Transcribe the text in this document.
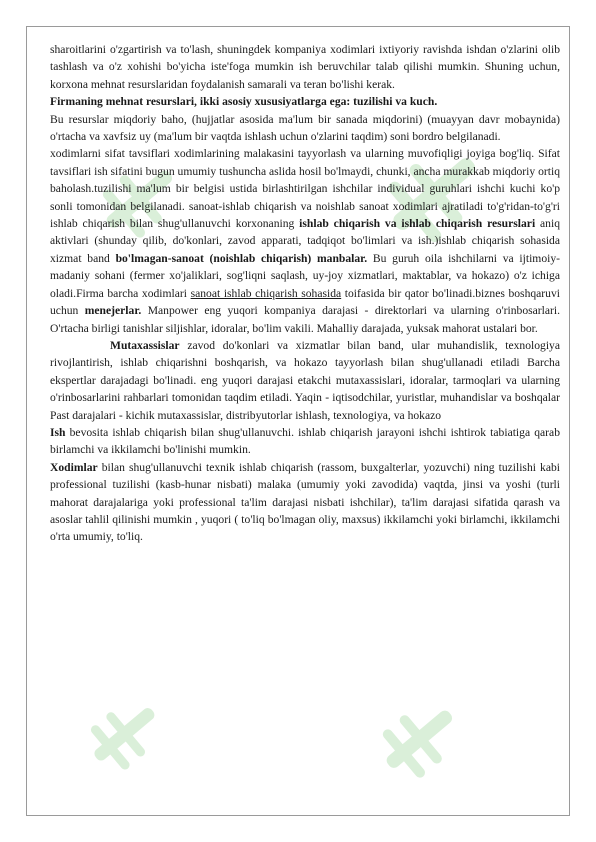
sharoitlarini o'zgartirish va to'lash, shuningdek kompaniya xodimlari ixtiyoriy ravishda ishdan o'zlarini olib tashlash va o'z xohishi bo'yicha iste'foga mumkin ish beruvchilar talab qilishi mumkin. Shuning uchun, korxona mehnat resurslaridan foydalanish samarali va teran bo'lishi kerak.

Firmaning mehnat resurslari, ikki asosiy xususiyatlarga ega: tuzilishi va kuch.

Bu resurslar miqdoriy baho, (hujjatlar asosida ma'lum bir sanada miqdorini) (muayyan davr mobaynida) o'rtacha va xavfsiz uy (ma'lum bir vaqtda ishlash uchun o'zlarini taqdim) soni bordro belgilanadi.

xodimlarni sifat tavsiflari xodimlarining malakasini tayyorlash va ularning muvofiqligi joyiga bog'liq. Sifat tavsiflari ish sifatini bugun umumiy tushuncha aslida hosil bo'lmaydi, chunki, ancha murakkab miqdoriy ortiq baholash.tuzilishi ma'lum bir belgisi ustida birlashtirilgan ishchilar individual guruhlari ishchi kuchi ko'p sonli tomonidan belgilanadi. sanoat-ishlab chiqarish va noishlab sanoat xodimlari ajratiladi to'g'ridan-to'g'ri ishlab chiqarish bilan shug'ullanuvchi korxonaning ishlab chiqarish va ishlab chiqarish resurslari aniq aktivlari (shunday qilib, do'konlari, zavod apparati, tadqiqot bo'limlari va ish.)ishlab chiqarish sohasida xizmat band bo'lmagan-sanoat (noishlab chiqarish) manbalar. Bu guruh oila ishchilarni va ijtimoiy-madaniy sohani (fermer xo'jaliklari, sog'liqni saqlash, uy-joy xizmatlari, maktablar, va hokazo) o'z ichiga oladi.Firma barcha xodimlari sanoat ishlab chiqarish sohasida toifasida bir qator bo'linadi.biznes boshqaruvi uchun menejerlar. Manpower eng yuqori kompaniya darajasi - direktorlari va ularning o'rinbosarlari. O'rtacha birligi tanishlar siljishlar, idoralar, bo'lim vakili. Mahalliy darajada, yuksak mahorat ustalari bor.

Mutaxassislar zavod do'konlari va xizmatlar bilan band, ular muhandislik, texnologiya rivojlantirish, ishlab chiqarishni boshqarish, va hokazo tayyorlash bilan shug'ullanadi etiladi Barcha ekspertlar darajadagi bo'linadi. eng yuqori darajasi etakchi mutaxassislari, idoralar, tarmoqlari va ularning o'rinbosarlarini rahbarlari tomonidan taqdim etiladi. Yaqin - iqtisodchilar, yuristlar, muhandislar va boshqalar Past darajalari - kichik mutaxassislar, distribyutorlar ishlash, texnologiya, va hokazo

Ish bevosita ishlab chiqarish bilan shug'ullanuvchi. ishlab chiqarish jarayoni ishchi ishtirok tabiatiga qarab birlamchi va ikkilamchi bo'linishi mumkin.

Xodimlar bilan shug'ullanuvchi texnik ishlab chiqarish (rassom, buxgalterlar, yozuvchi) ning tuzilishi kabi professional tuzilishi (kasb-hunar nisbati) malaka (umumiy yoki zavodida) vaqtda, jinsi va yoshi (turli mahorat darajalariga yoki professional ta'lim darajasi nisbati ishchilar), ta'lim darajasi sifatida qarash va asoslar tahlil qilinishi mumkin , yuqori ( to'liq bo'lmagan oliy, maxsus) ikkilamchi yoki birlamchi, ikkilamchi o'rta umumiy, to'liq.
